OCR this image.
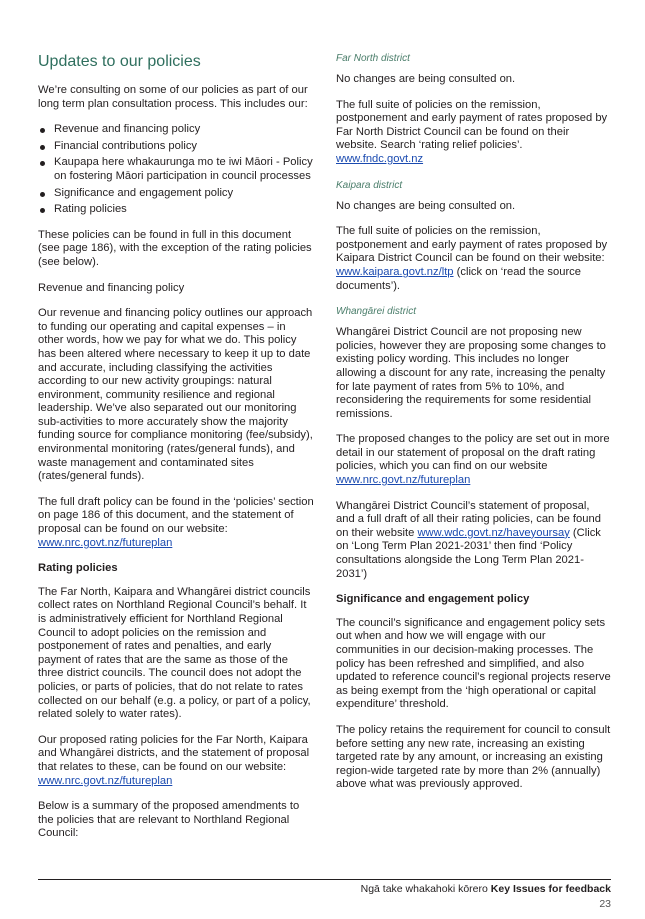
Updates to our policies

We’re consulting on some of our policies as part of our long term plan consultation process. This includes our:

Revenue and financing policy
Financial contributions policy
Kaupapa here whakaurunga mo te iwi Māori - Policy on fostering Māori participation in council processes
Significance and engagement policy
Rating policies

These policies can be found in full in this document (see page 186), with the exception of the rating policies (see below).

Revenue and financing policy

Our revenue and financing policy outlines our approach to funding our operating and capital expenses – in other words, how we pay for what we do. This policy has been altered where necessary to keep it up to date and accurate, including classifying the activities according to our new activity groupings: natural environment, community resilience and regional leadership. We’ve also separated out our monitoring sub-activities to more accurately show the majority funding source for compliance monitoring (fee/subsidy), environmental monitoring (rates/general funds), and waste management and contaminated sites (rates/general funds).

The full draft policy can be found in the ‘policies’ section on page 186 of this document, and the statement of proposal can be found on our website: www.nrc.govt.nz/futureplan

Rating policies

The Far North, Kaipara and Whangārei district councils collect rates on Northland Regional Council’s behalf. It is administratively efficient for Northland Regional Council to adopt policies on the remission and postponement of rates and penalties, and early payment of rates that are the same as those of the three district councils. The council does not adopt the policies, or parts of policies, that do not relate to rates collected on our behalf (e.g. a policy, or part of a policy, related solely to water rates).

Our proposed rating policies for the Far North, Kaipara and Whangārei districts, and the statement of proposal that relates to these, can be found on our website: www.nrc.govt.nz/futureplan

Below is a summary of the proposed amendments to the policies that are relevant to Northland Regional Council:

Far North district

No changes are being consulted on.

The full suite of policies on the remission, postponement and early payment of rates proposed by Far North District Council can be found on their website. Search ‘rating relief policies’. www.fndc.govt.nz

Kaipara district

No changes are being consulted on.

The full suite of policies on the remission, postponement and early payment of rates proposed by Kaipara District Council can be found on their website: www.kaipara.govt.nz/ltp (click on ‘read the source documents’).

Whangārei district

Whangārei District Council are not proposing new policies, however they are proposing some changes to existing policy wording. This includes no longer allowing a discount for any rate, increasing the penalty for late payment of rates from 5% to 10%, and reconsidering the requirements for some residential remissions.

The proposed changes to the policy are set out in more detail in our statement of proposal on the draft rating policies, which you can find on our website www.nrc.govt.nz/futureplan

Whangārei District Council’s statement of proposal, and a full draft of all their rating policies, can be found on their website www.wdc.govt.nz/haveyoursay (Click on ‘Long Term Plan 2021-2031’ then find ‘Policy consultations alongside the Long Term Plan 2021-2031’)

Significance and engagement policy

The council’s significance and engagement policy sets out when and how we will engage with our communities in our decision-making processes. The policy has been refreshed and simplified, and also updated to reference council’s regional projects reserve as being exempt from the ‘high operational or capital expenditure’ threshold.

The policy retains the requirement for council to consult before setting any new rate, increasing an existing targeted rate by any amount, or increasing an existing region-wide targeted rate by more than 2% (annually) above what was previously approved.

Ngā take whakahoki kōrero Key Issues for feedback
23
